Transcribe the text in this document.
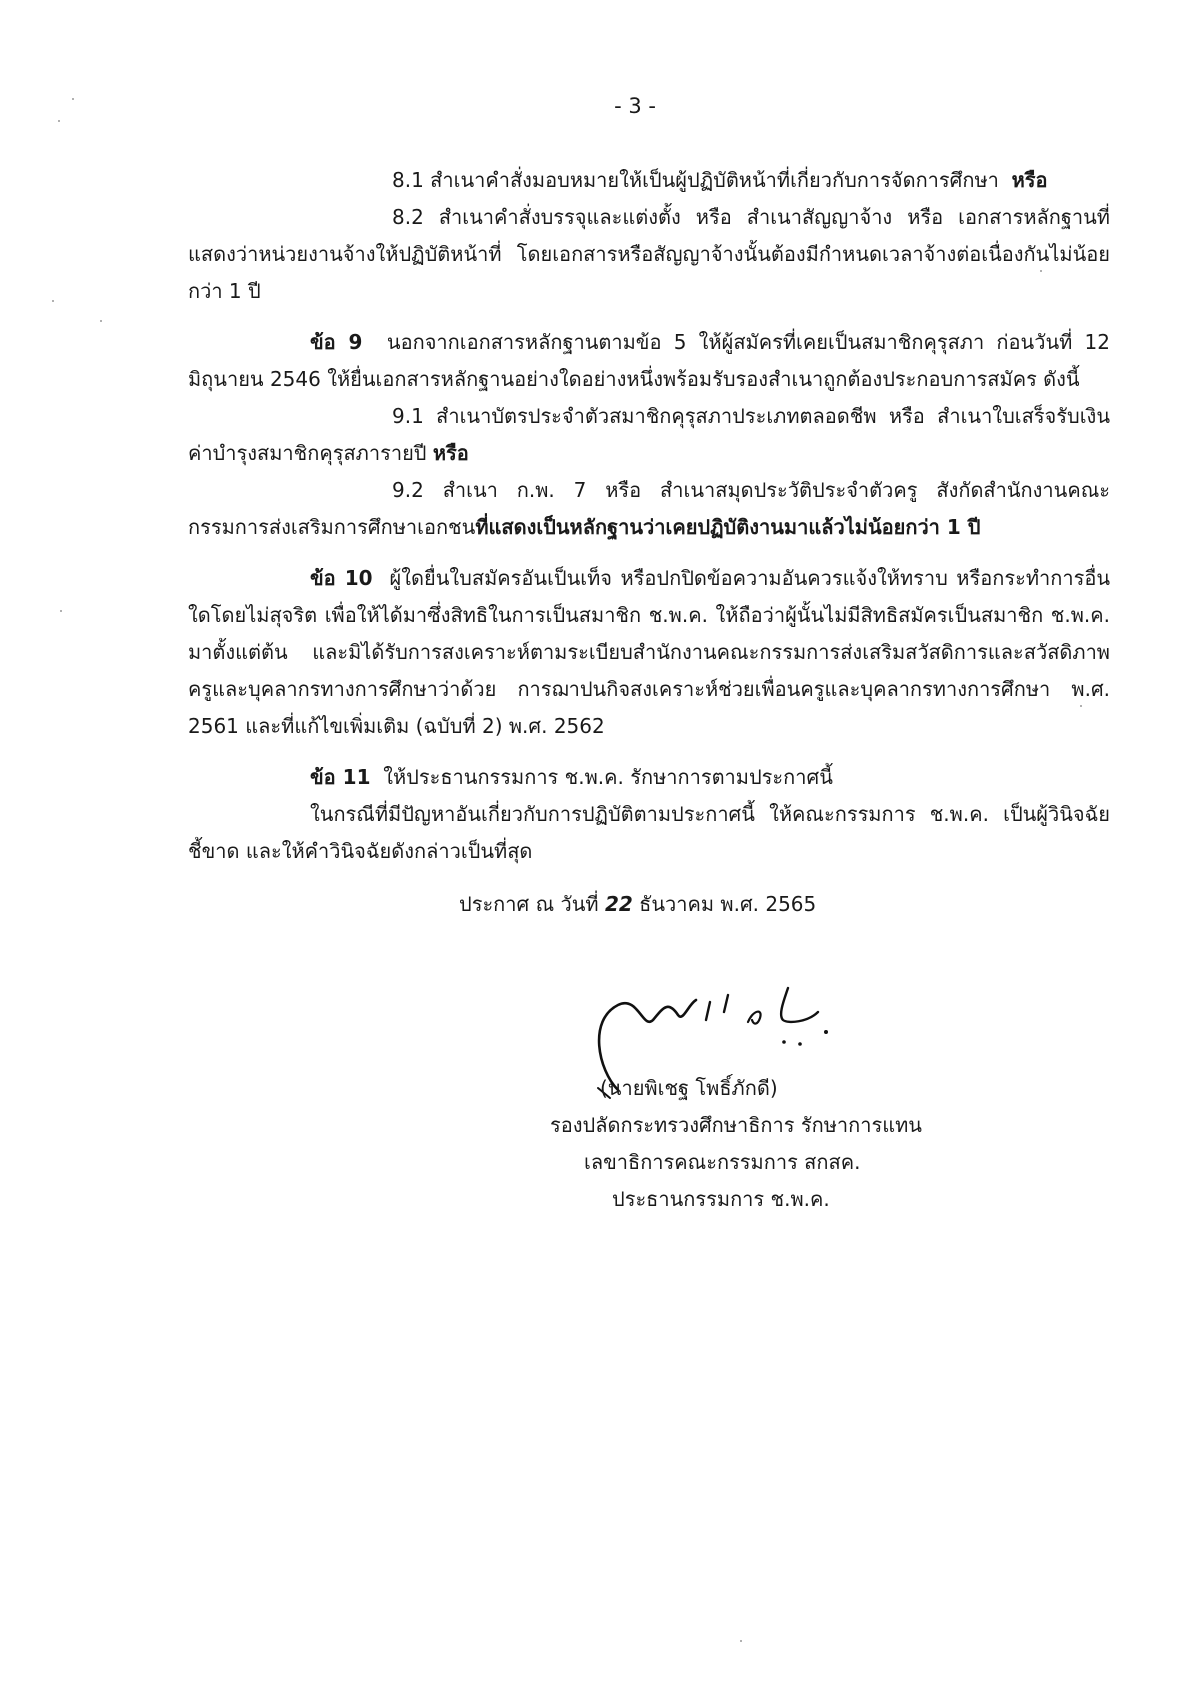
- 3 -

8.1 สำเนาคำสั่งมอบหมายให้เป็นผู้ปฏิบัติหน้าที่เกี่ยวกับการจัดการศึกษา หรือ

8.2 สำเนาคำสั่งบรรจุและแต่งตั้ง หรือ สำเนาสัญญาจ้าง หรือ เอกสารหลักฐานที่แสดงว่าหน่วยงานจ้างให้ปฏิบัติหน้าที่ โดยเอกสารหรือสัญญาจ้างนั้นต้องมีกำหนดเวลาจ้างต่อเนื่องกันไม่น้อยกว่า 1 ปี

ข้อ 9 นอกจากเอกสารหลักฐานตามข้อ 5 ให้ผู้สมัครที่เคยเป็นสมาชิกคุรุสภา ก่อนวันที่ 12 มิถุนายน 2546 ให้ยื่นเอกสารหลักฐานอย่างใดอย่างหนึ่งพร้อมรับรองสำเนาถูกต้องประกอบการสมัคร ดังนี้

9.1 สำเนาบัตรประจำตัวสมาชิกคุรุสภาประเภทตลอดชีพ หรือ สำเนาใบเสร็จรับเงินค่าบำรุงสมาชิกคุรุสภารายปี หรือ

9.2 สำเนา ก.พ. 7 หรือ สำเนาสมุดประวัติประจำตัวครู สังกัดสำนักงานคณะกรรมการส่งเสริมการศึกษาเอกชนที่แสดงเป็นหลักฐานว่าเคยปฏิบัติงานมาแล้วไม่น้อยกว่า 1 ปี

ข้อ 10 ผู้ใดยื่นใบสมัครอันเป็นเท็จ หรือปกปิดข้อความอันควรแจ้งให้ทราบ หรือกระทำการอื่นใดโดยไม่สุจริต เพื่อให้ได้มาซึ่งสิทธิในการเป็นสมาชิก ช.พ.ค. ให้ถือว่าผู้นั้นไม่มีสิทธิสมัครเป็นสมาชิก ช.พ.ค. มาตั้งแต่ต้น และมิได้รับการสงเคราะห์ตามระเบียบสำนักงานคณะกรรมการส่งเสริมสวัสดิการและสวัสดิภาพครูและบุคลากรทางการศึกษาว่าด้วย การฌาปนกิจสงเคราะห์ช่วยเพื่อนครูและบุคลากรทางการศึกษา พ.ศ. 2561 และที่แก้ไขเพิ่มเติม (ฉบับที่ 2) พ.ศ. 2562

ข้อ 11 ให้ประธานกรรมการ ช.พ.ค. รักษาการตามประกาศนี้

ในกรณีที่มีปัญหาอันเกี่ยวกับการปฏิบัติตามประกาศนี้ ให้คณะกรรมการ ช.พ.ค. เป็นผู้วินิจฉัยชี้ขาด และให้คำวินิจฉัยดังกล่าวเป็นที่สุด

ประกาศ ณ วันที่ 22 ธันวาคม พ.ศ. 2565
(นายพิเชฐ โพธิ์ภักดี)
รองปลัดกระทรวงศึกษาธิการ รักษาการแทน
เลขาธิการคณะกรรมการ สกสค.
ประธานกรรมการ ช.พ.ค.
